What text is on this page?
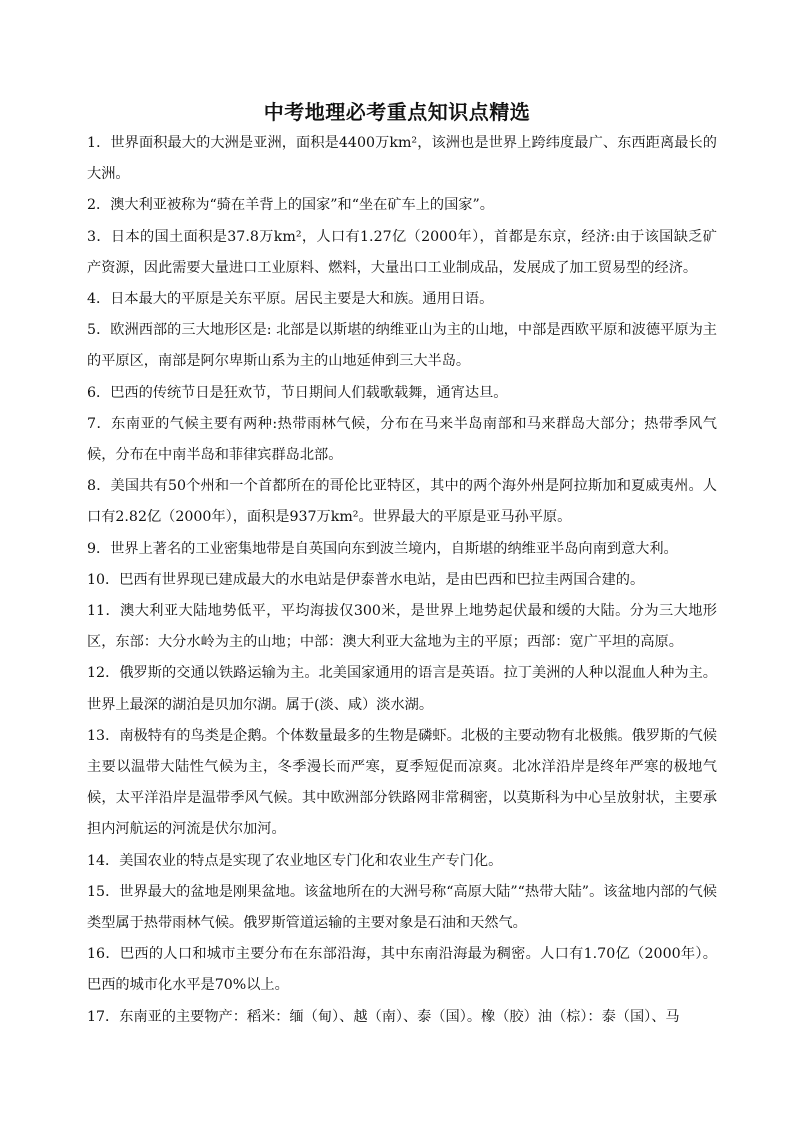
中考地理必考重点知识点精选

1．世界面积最大的大洲是亚洲，面积是4400万km²，该洲也是世界上跨纬度最广、东西距离最长的大洲。

2．澳大利亚被称为“骑在羊背上的国家”和“坐在矿车上的国家”。

3．日本的国土面积是37.8万km²，人口有1.27亿（2000年），首都是东京，经济:由于该国缺乏矿产资源，因此需要大量进口工业原料、燃料，大量出口工业制成品，发展成了加工贸易型的经济。

4．日本最大的平原是关东平原。居民主要是大和族。通用日语。

5．欧洲西部的三大地形区是: 北部是以斯堪的纳维亚山为主的山地，中部是西欧平原和波德平原为主的平原区，南部是阿尔卑斯山系为主的山地延伸到三大半岛。

6．巴西的传统节日是狂欢节，节日期间人们载歌载舞，通宵达旦。

7．东南亚的气候主要有两种:热带雨林气候，分布在马来半岛南部和马来群岛大部分；热带季风气候，分布在中南半岛和菲律宾群岛北部。

8．美国共有50个州和一个首都所在的哥伦比亚特区，其中的两个海外州是阿拉斯加和夏威夷州。人口有2.82亿（2000年），面积是937万km²。世界最大的平原是亚马孙平原。

9．世界上著名的工业密集地带是自英国向东到波兰境内，自斯堪的纳维亚半岛向南到意大利。

10．巴西有世界现已建成最大的水电站是伊泰普水电站，是由巴西和巴拉圭两国合建的。

11．澳大利亚大陆地势低平，平均海拔仅300米，是世界上地势起伏最和缓的大陆。分为三大地形区，东部：大分水岭为主的山地；中部：澳大利亚大盆地为主的平原；西部：宽广平坦的高原。

12．俄罗斯的交通以铁路运输为主。北美国家通用的语言是英语。拉丁美洲的人种以混血人种为主。世界上最深的湖泊是贝加尔湖。属于(淡、咸）淡水湖。

13．南极特有的鸟类是企鹅。个体数量最多的生物是磷虾。北极的主要动物有北极熊。俄罗斯的气候主要以温带大陆性气候为主，冬季漫长而严寒，夏季短促而凉爽。北冰洋沿岸是终年严寒的极地气候，太平洋沿岸是温带季风气候。其中欧洲部分铁路网非常稠密，以莫斯科为中心呈放射状，主要承担内河航运的河流是伏尔加河。

14．美国农业的特点是实现了农业地区专门化和农业生产专门化。

15．世界最大的盆地是刚果盆地。该盆地所在的大洲号称“高原大陆”“热带大陆”。该盆地内部的气候类型属于热带雨林气候。俄罗斯管道运输的主要对象是石油和天然气。

16．巴西的人口和城市主要分布在东部沿海，其中东南沿海最为稠密。人口有1.70亿（2000年）。巴西的城市化水平是70%以上。

17．东南亚的主要物产：稻米：缅（甸）、越（南）、泰（国）。橡（胶）油（棕）：泰（国）、马
